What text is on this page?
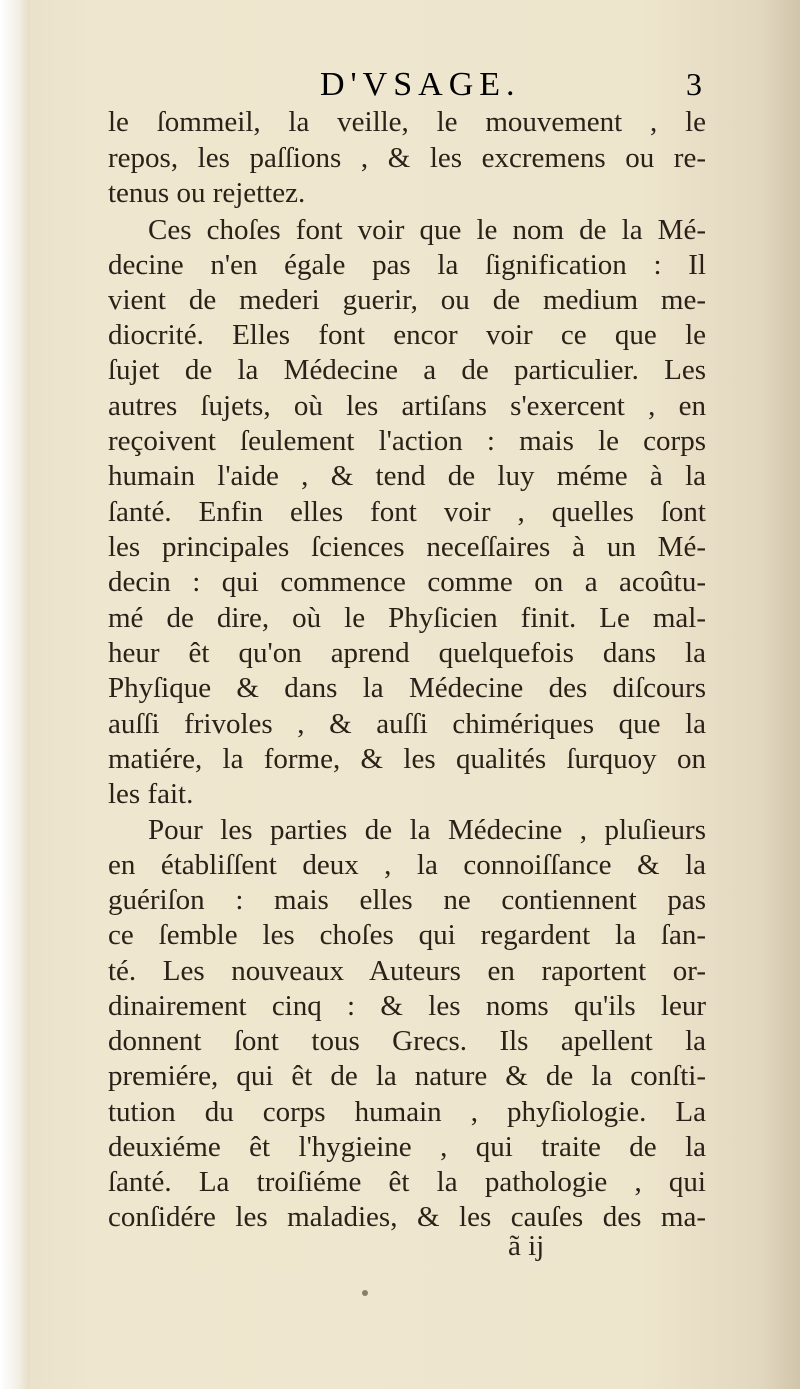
D'VSAGE.	3
le ſommeil, la veille, le mouvement , le
repos, les paſſions , & les excremens ou re-
tenus ou rejettez.
Ces choſes font voir que le nom de la Mé-
decine n'en égale pas la ſignification : Il
vient de mederi guerir, ou de medium me-
diocrité. Elles font encor voir ce que le
ſujet de la Médecine a de particulier. Les
autres ſujets, où les artiſans s'exercent , en
reçoivent ſeulement l'action : mais le corps
humain l'aide , & tend de luy méme à la
ſanté. Enfin elles font voir , quelles ſont
les principales ſciences neceſſaires à un Mé-
decin : qui commence comme on a acoûtu-
mé de dire, où le Phyſicien finit. Le mal-
heur êt qu'on aprend quelquefois dans la
Phyſique & dans la Médecine des diſcours
auſſi frivoles , & auſſi chimériques que la
matiére, la forme, & les qualités ſurquoy on
les fait.
Pour les parties de la Médecine , pluſieurs
en établiſſent deux , la connoiſſance & la
guériſon : mais elles ne contiennent pas
ce ſemble les choſes qui regardent la ſan-
té. Les nouveaux Auteurs en raportent or-
dinairement cinq : & les noms qu'ils leur
donnent ſont tous Grecs. Ils apellent la
premiére, qui êt de la nature & de la conſti-
tution du corps humain , phyſiologie. La
deuxiéme êt l'hygieine , qui traite de la
ſanté. La troiſiéme êt la pathologie , qui
conſidére les maladies, & les cauſes des ma-
ã ij
